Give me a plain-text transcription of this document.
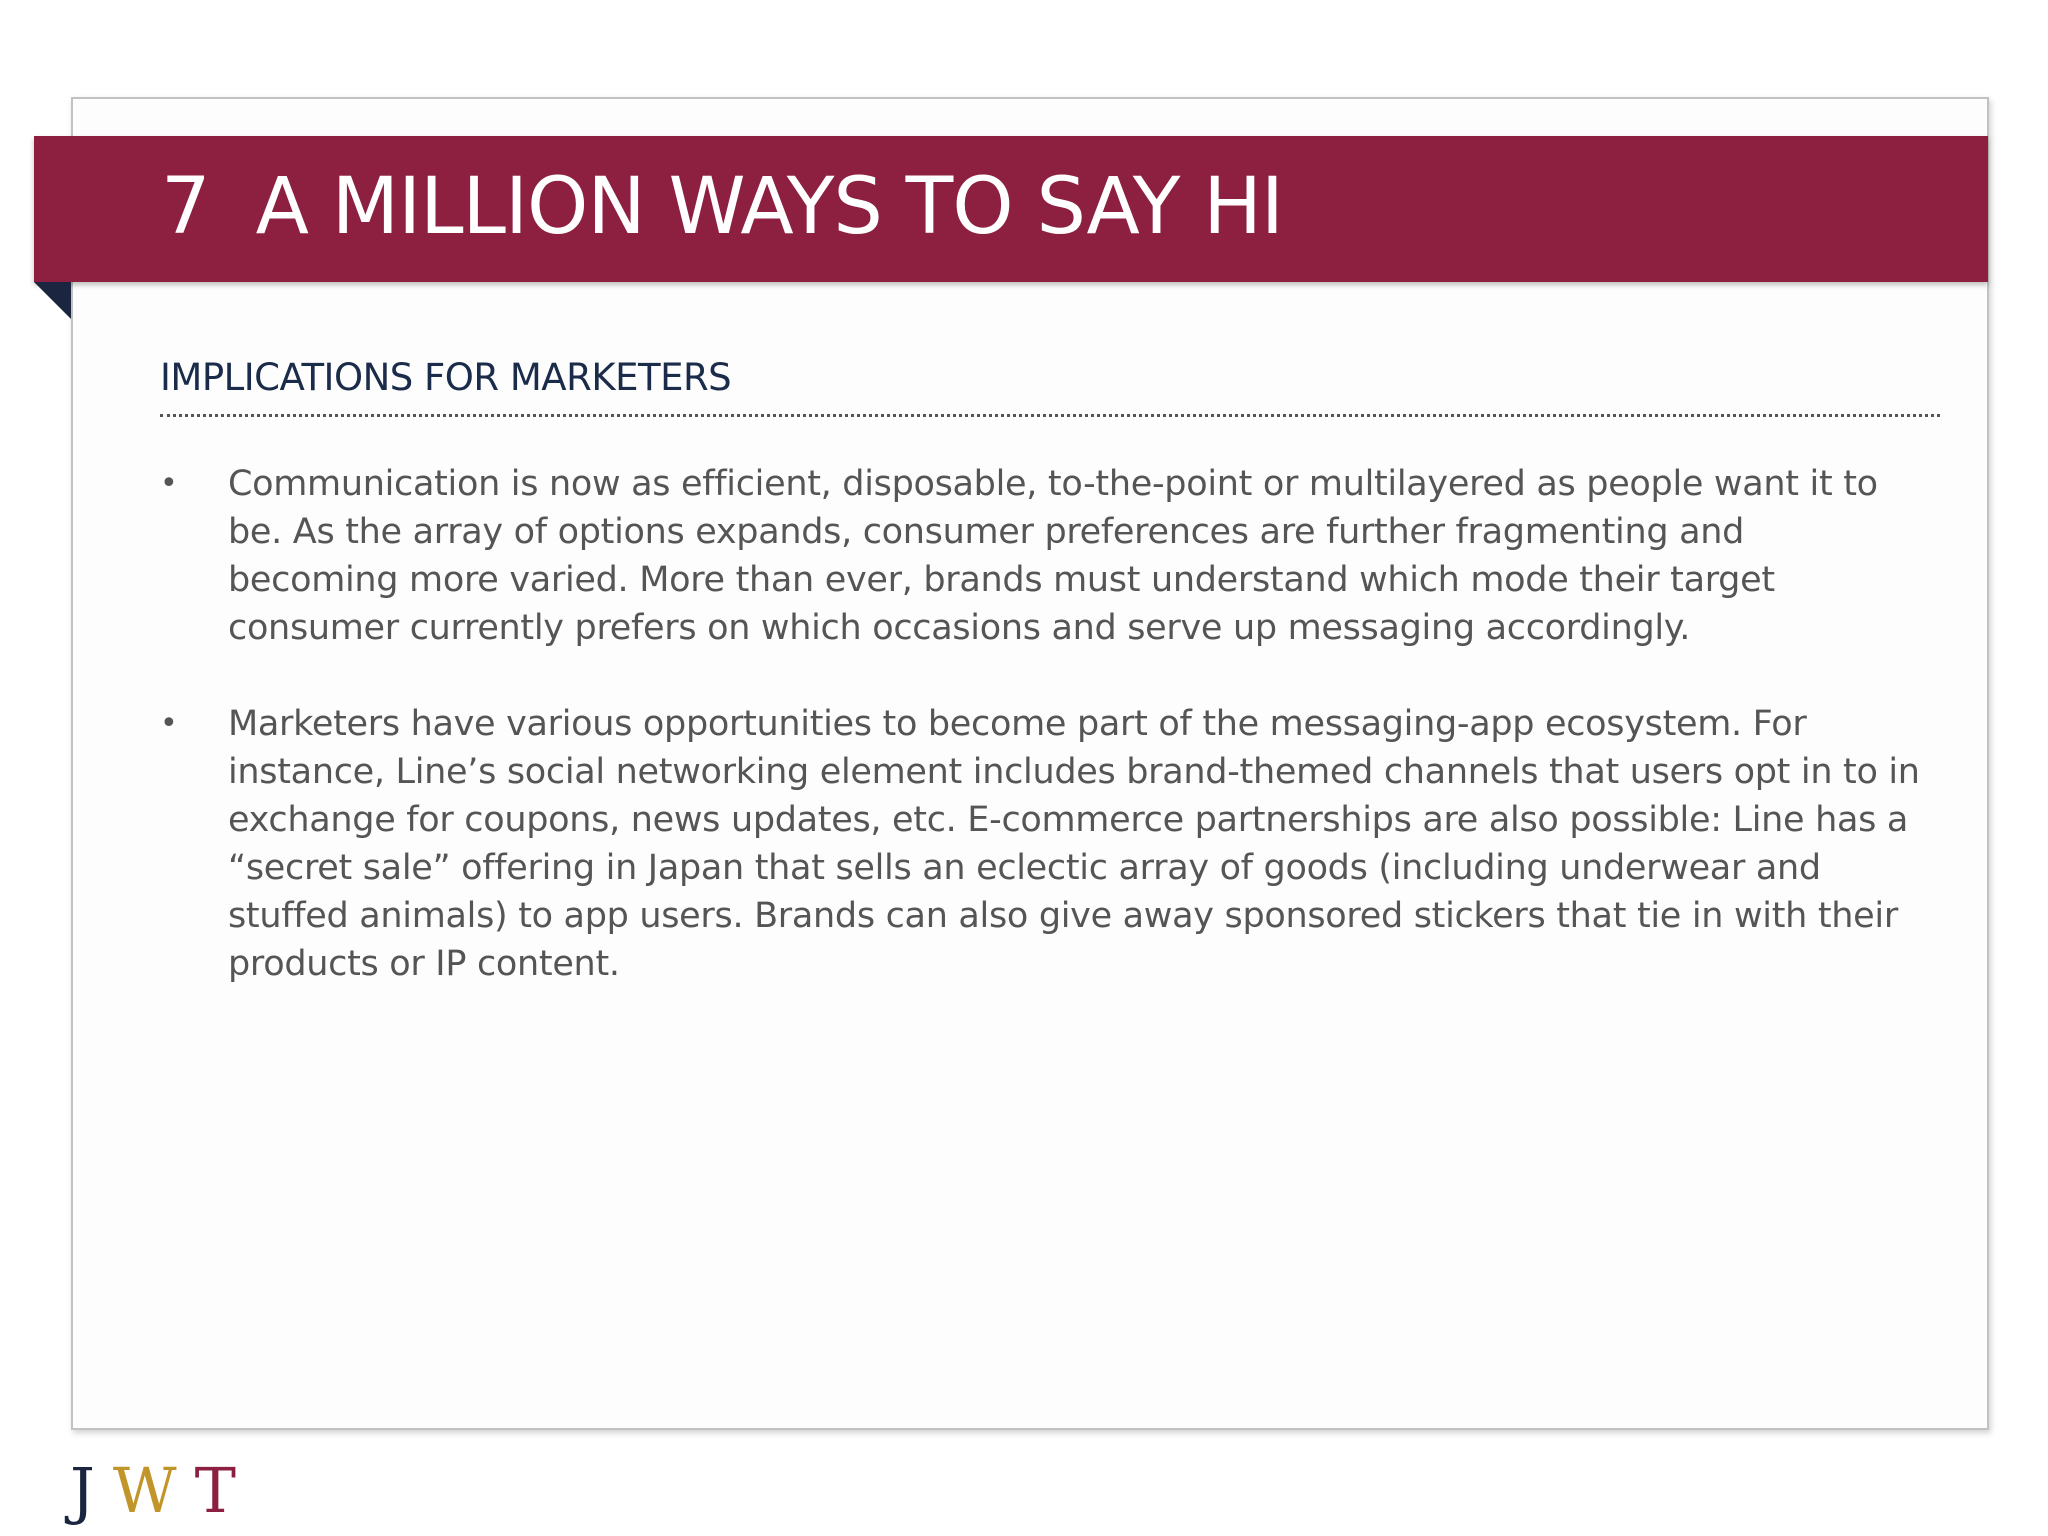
7 A MILLION WAYS TO SAY HI
IMPLICATIONS FOR MARKETERS
• Communication is now as efficient, disposable, to-the-point or multilayered as people want it to be. As the array of options expands, consumer preferences are further fragmenting and becoming more varied. More than ever, brands must understand which mode their target consumer currently prefers on which occasions and serve up messaging accordingly.
• Marketers have various opportunities to become part of the messaging-app ecosystem. For instance, Line’s social networking element includes brand-themed channels that users opt in to in exchange for coupons, news updates, etc. E-commerce partnerships are also possible: Line has a “secret sale” offering in Japan that sells an eclectic array of goods (including underwear and stuffed animals) to app users. Brands can also give away sponsored stickers that tie in with their products or IP content.
JWT
